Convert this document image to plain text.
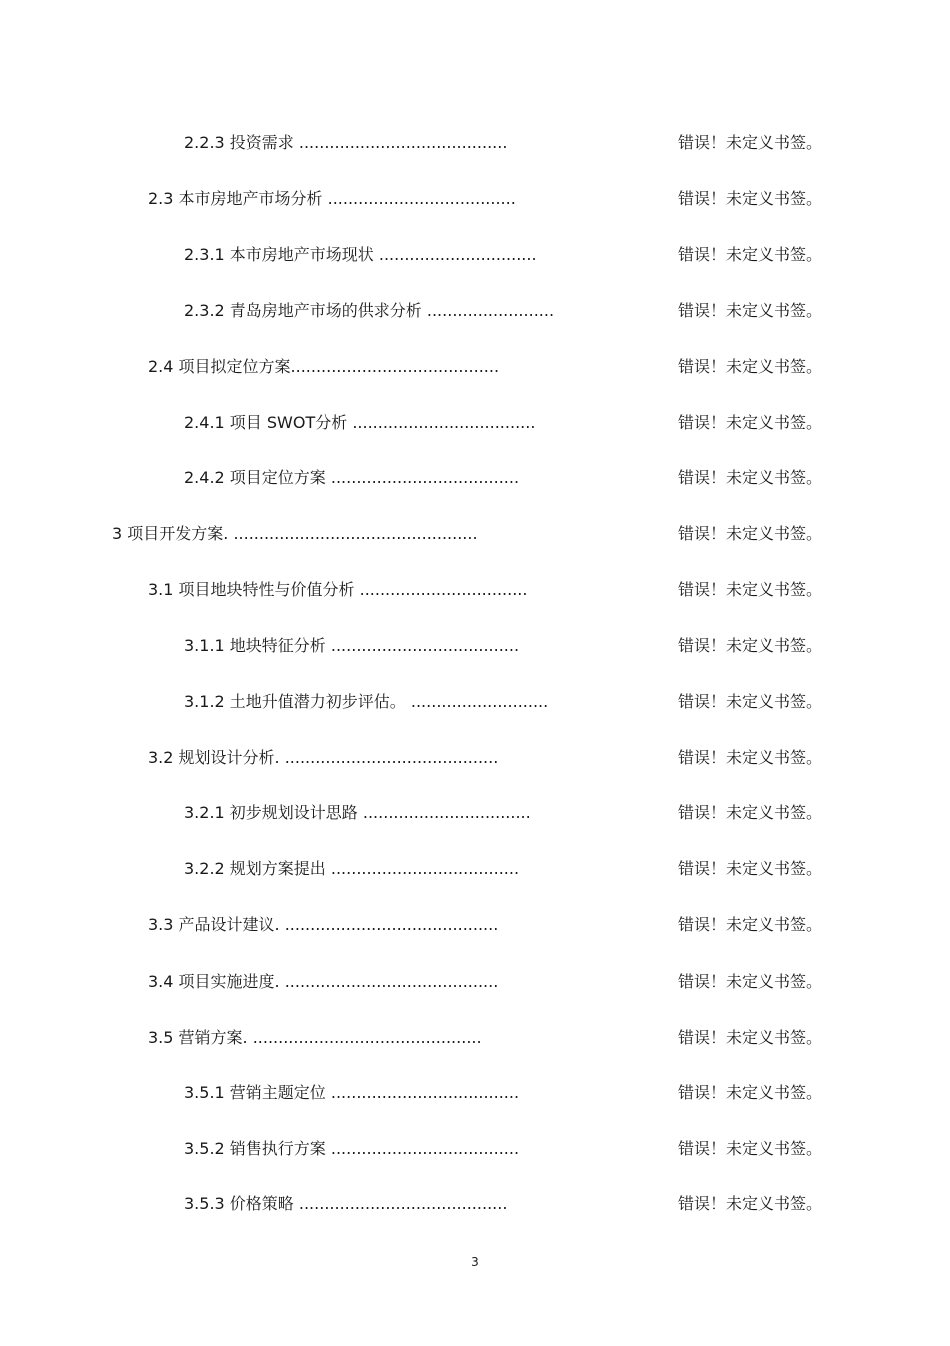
2.2.3 投资需求 .........................................	错误！未定义书签。
2.3 本市房地产市场分析 .....................................	错误！未定义书签。
2.3.1 本市房地产市场现状 ...............................	错误！未定义书签。
2.3.2 青岛房地产市场的供求分析 .........................	错误！未定义书签。
2.4 项目拟定位方案.........................................	错误！未定义书签。
2.4.1 项目 SWOT分析 ....................................	错误！未定义书签。
2.4.2 项目定位方案 .....................................	错误！未定义书签。
3 项目开发方案. ................................................	错误！未定义书签。
3.1 项目地块特性与价值分析 .................................	错误！未定义书签。
3.1.1 地块特征分析 .....................................	错误！未定义书签。
3.1.2 土地升值潜力初步评估。 ...........................	错误！未定义书签。
3.2 规划设计分析. ..........................................	错误！未定义书签。
3.2.1 初步规划设计思路 .................................	错误！未定义书签。
3.2.2 规划方案提出 .....................................	错误！未定义书签。
3.3 产品设计建议. ..........................................	错误！未定义书签。
3.4 项目实施进度. ..........................................	错误！未定义书签。
3.5 营销方案. .............................................	错误！未定义书签。
3.5.1 营销主题定位 .....................................	错误！未定义书签。
3.5.2 销售执行方案 .....................................	错误！未定义书签。
3.5.3 价格策略 .........................................	错误！未定义书签。
3
